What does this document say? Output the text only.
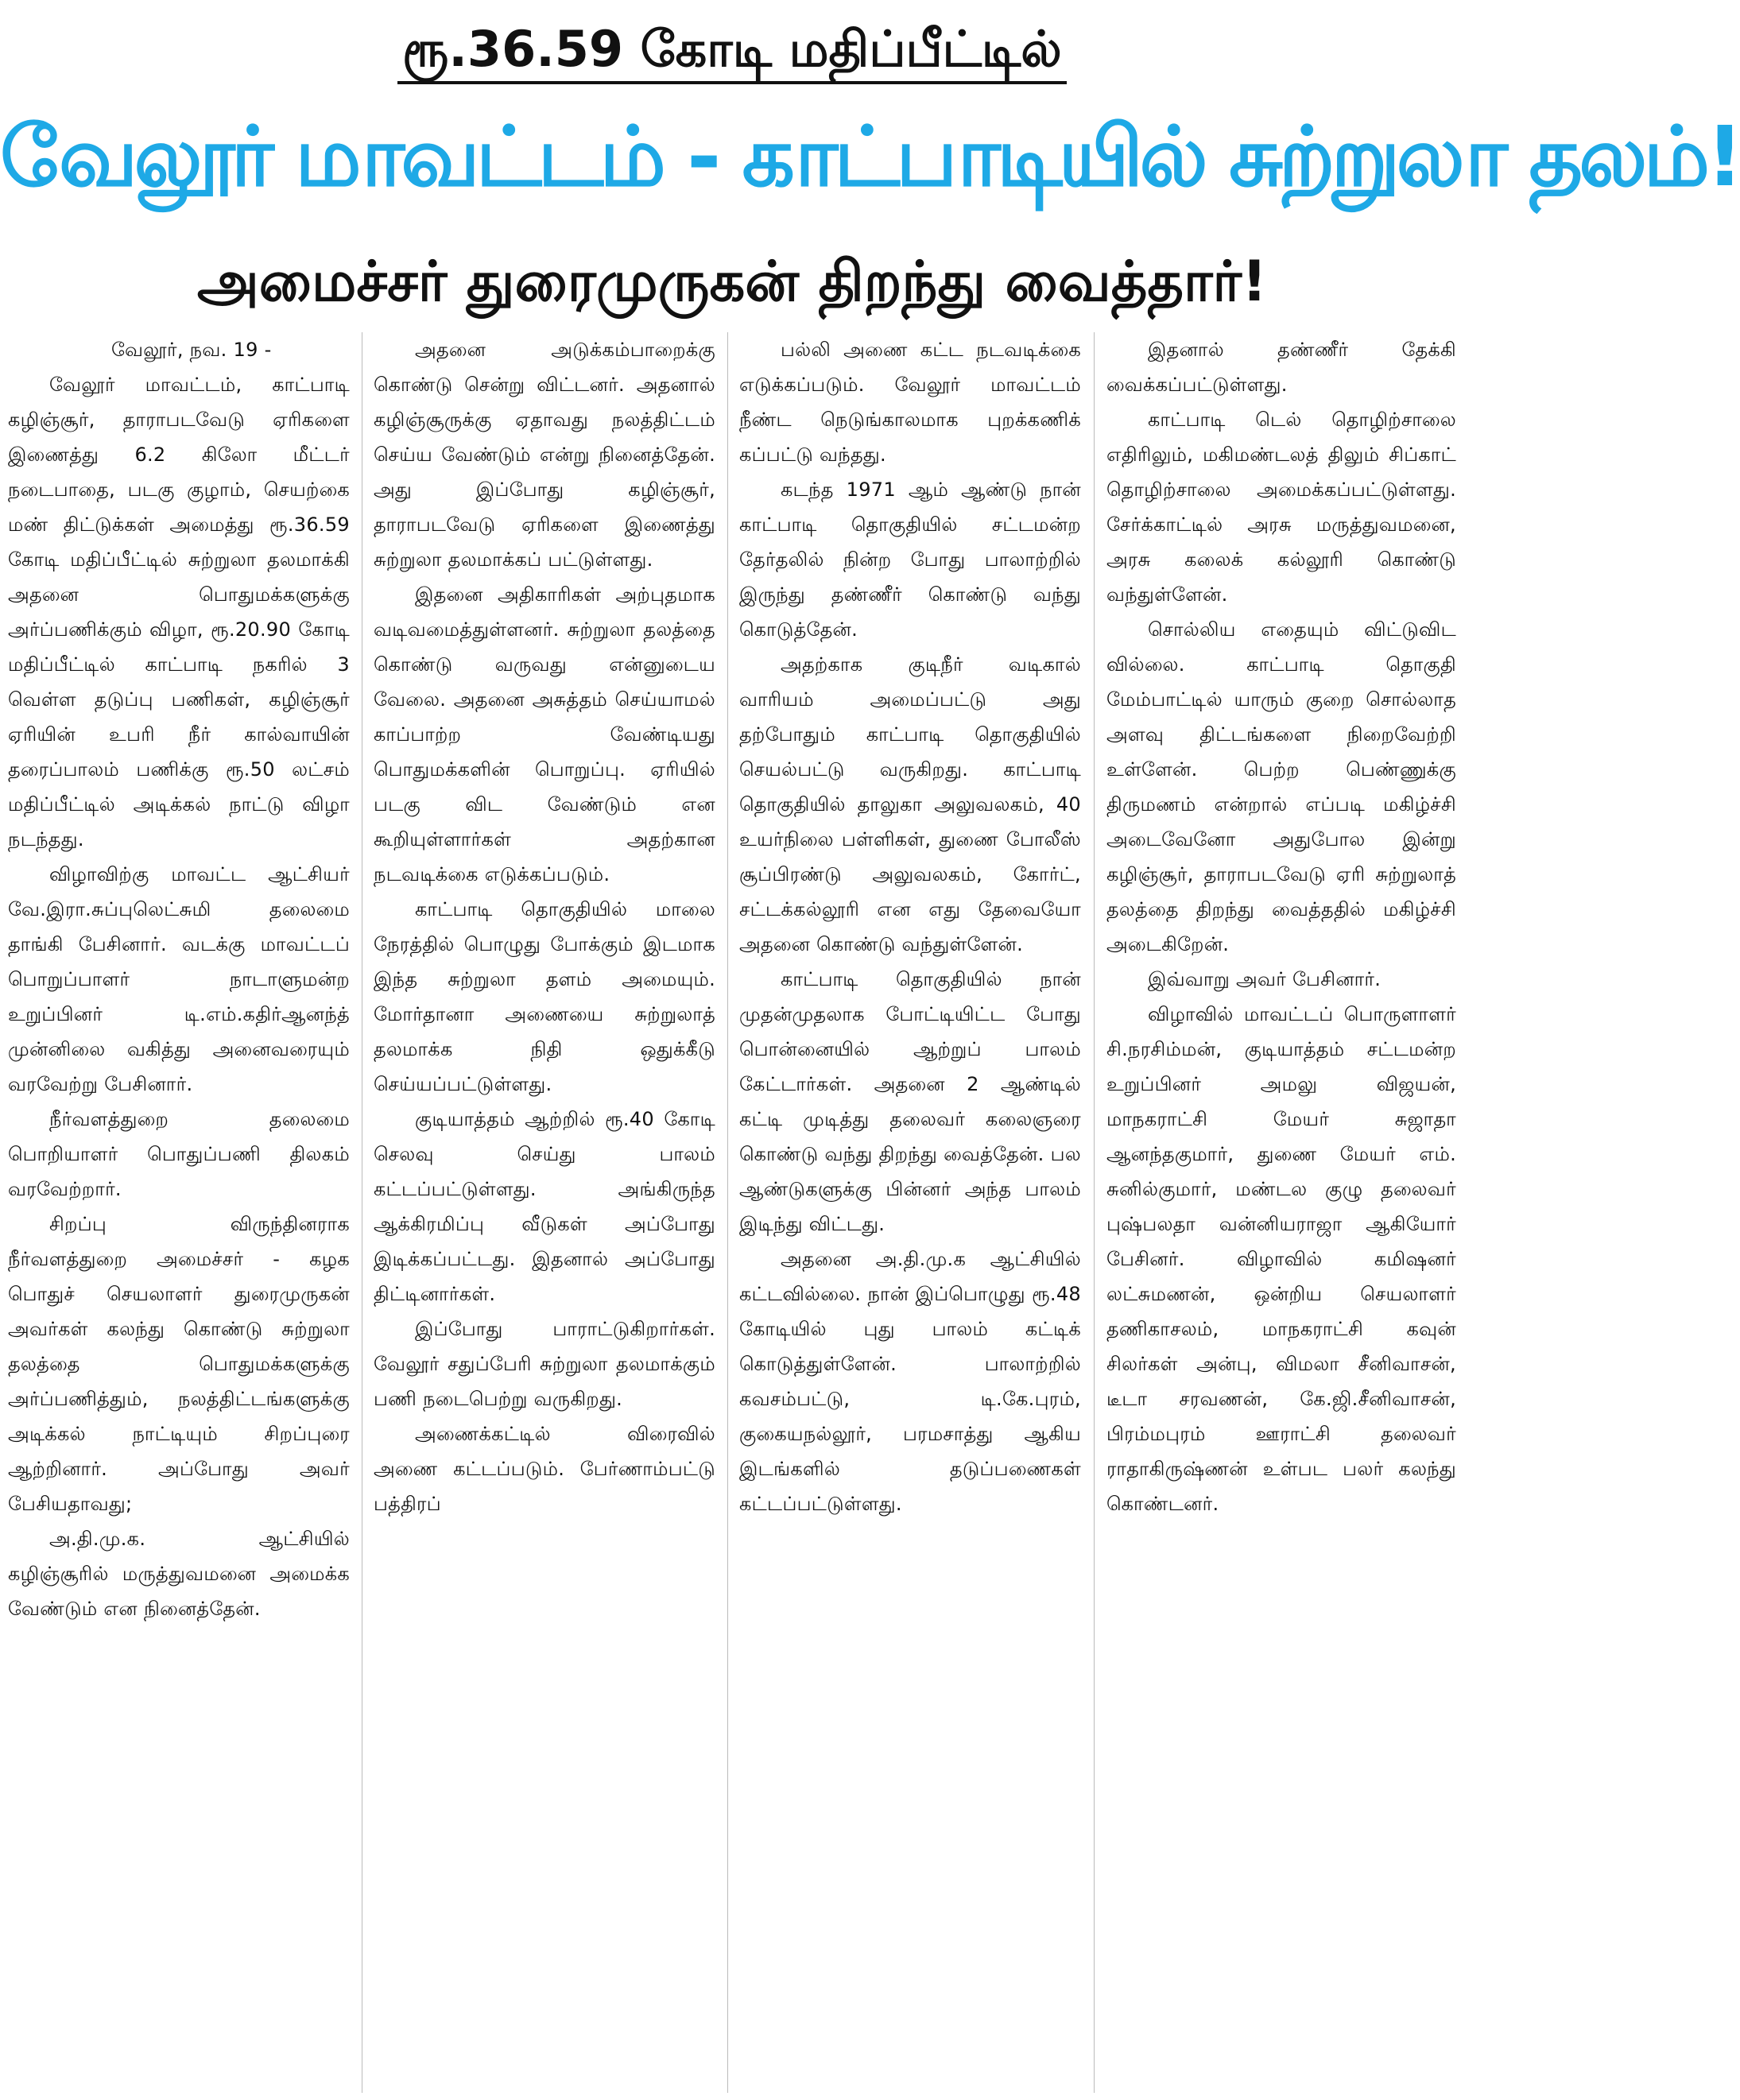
ரூ.36.59 கோடி மதிப்பீட்டில்
வேலூர் மாவட்டம் - காட்பாடியில் சுற்றுலா தலம்!
அமைச்சர் துரைமுருகன் திறந்து வைத்தார்!

வேலூர், நவ. 19 -

வேலூர் மாவட்டம், காட்பாடி கழிஞ்சூர், தாராபடவேடு ஏரிகளை இணைத்து 6.2 கிலோ மீட்டர் நடைபாதை, படகு குழாம், செயற்கை மண் திட்டுக்கள் அமைத்து ரூ.36.59 கோடி மதிப்பீட்டில் சுற்றுலா தலமாக்கி அதனை பொதுமக்களுக்கு அர்ப்பணிக்கும் விழா, ரூ.20.90 கோடி மதிப்பீட்டில் காட்பாடி நகரில் 3 வெள்ள தடுப்பு பணிகள், கழிஞ்சூர் ஏரியின் உபரி நீர் கால்வாயின் தரைப்பாலம் பணிக்கு ரூ.50 லட்சம் மதிப்பீட்டில் அடிக்கல் நாட்டு விழா நடந்தது.

விழாவிற்கு மாவட்ட ஆட்சியர் வே.இரா.சுப்புலெட்சுமி தலைமை தாங்கி பேசினார். வடக்கு மாவட்டப் பொறுப்பாளர் நாடாளுமன்ற உறுப்பினர் டி.எம்.கதிர்ஆனந்த் முன்னிலை வகித்து அனைவரையும் வரவேற்று பேசினார்.

நீர்வளத்துறை தலைமை பொறியாளர் பொதுப்பணி திலகம் வரவேற்றார்.

சிறப்பு விருந்தினராக நீர்வளத்துறை அமைச்சர் - கழக பொதுச் செயலாளர் துரைமுருகன் அவர்கள் கலந்து கொண்டு சுற்றுலா தலத்தை பொதுமக்களுக்கு அர்ப்பணித்தும், நலத்திட்டங்களுக்கு அடிக்கல் நாட்டியும் சிறப்புரை ஆற்றினார். அப்போது அவர் பேசியதாவது;

அ.தி.மு.க. ஆட்சியில் கழிஞ்சூரில் மருத்துவமனை அமைக்க வேண்டும் என நினைத்தேன்.

அதனை அடுக்கம்பாறைக்கு கொண்டு சென்று விட்டனர். அதனால் கழிஞ்சூருக்கு ஏதாவது நலத்திட்டம் செய்ய வேண்டும் என்று நினைத்தேன். அது இப்போது கழிஞ்சூர், தாராபடவேடு ஏரிகளை இணைத்து சுற்றுலா தலமாக்கப் பட்டுள்ளது.

இதனை அதிகாரிகள் அற்புதமாக வடிவமைத்துள்ளனர். சுற்றுலா தலத்தை கொண்டு வருவது என்னுடைய வேலை. அதனை அசுத்தம் செய்யாமல் காப்பாற்ற வேண்டியது பொதுமக்களின் பொறுப்பு. ஏரியில் படகு விட வேண்டும் என கூறியுள்ளார்கள் அதற்கான நடவடிக்கை எடுக்கப்படும்.

காட்பாடி தொகுதியில் மாலை நேரத்தில் பொழுது போக்கும் இடமாக இந்த சுற்றுலா தளம் அமையும். மோர்தானா அணையை சுற்றுலாத் தலமாக்க நிதி ஒதுக்கீடு செய்யப்பட்டுள்ளது.

குடியாத்தம் ஆற்றில் ரூ.40 கோடி செலவு செய்து பாலம் கட்டப்பட்டுள்ளது. அங்கிருந்த ஆக்கிரமிப்பு வீடுகள் அப்போது இடிக்கப்பட்டது. இதனால் அப்போது திட்டினார்கள்.

இப்போது பாராட்டுகிறார்கள். வேலூர் சதுப்பேரி சுற்றுலா தலமாக்கும் பணி நடைபெற்று வருகிறது.

அணைக்கட்டில் விரைவில் அணை கட்டப்படும். பேர்ணாம்பட்டு பத்திரப்

பல்லி அணை கட்ட நடவடிக்கை எடுக்கப்படும். வேலூர் மாவட்டம் நீண்ட நெடுங்காலமாக புறக்கணிக் கப்பட்டு வந்தது.

கடந்த 1971 ஆம் ஆண்டு நான் காட்பாடி தொகுதியில் சட்டமன்ற தேர்தலில் நின்ற போது பாலாற்றில் இருந்து தண்ணீர் கொண்டு வந்து கொடுத்தேன்.

அதற்காக குடிநீர் வடிகால் வாரியம் அமைப்பட்டு அது தற்போதும் காட்பாடி தொகுதியில் செயல்பட்டு வருகிறது. காட்பாடி தொகுதியில் தாலுகா அலுவலகம், 40 உயர்நிலை பள்ளிகள், துணை போலீஸ் சூப்பிரண்டு அலுவலகம், கோர்ட், சட்டக்கல்லூரி என எது தேவையோ அதனை கொண்டு வந்துள்ளேன்.

காட்பாடி தொகுதியில் நான் முதன்முதலாக போட்டியிட்ட போது பொன்னையில் ஆற்றுப் பாலம் கேட்டார்கள். அதனை 2 ஆண்டில் கட்டி முடித்து தலைவர் கலைஞரை கொண்டு வந்து திறந்து வைத்தேன். பல ஆண்டுகளுக்கு பின்னர் அந்த பாலம் இடிந்து விட்டது.

அதனை அ.தி.மு.க ஆட்சியில் கட்டவில்லை. நான் இப்பொழுது ரூ.48 கோடியில் புது பாலம் கட்டிக் கொடுத்துள்ளேன். பாலாற்றில் கவசம்பட்டு, டி.கே.புரம், குகையநல்லூர், பரமசாத்து ஆகிய இடங்களில் தடுப்பணைகள் கட்டப்பட்டுள்ளது.

இதனால் தண்ணீர் தேக்கி வைக்கப்பட்டுள்ளது.

காட்பாடி டெல் தொழிற்சாலை எதிரிலும், மகிமண்டலத் திலும் சிப்காட் தொழிற்சாலை அமைக்கப்பட்டுள்ளது. சேர்க்காட்டில் அரசு மருத்துவமனை, அரசு கலைக் கல்லூரி கொண்டு வந்துள்ளேன்.

சொல்லிய எதையும் விட்டுவிட வில்லை. காட்பாடி தொகுதி மேம்பாட்டில் யாரும் குறை சொல்லாத அளவு திட்டங்களை நிறைவேற்றி உள்ளேன். பெற்ற பெண்ணுக்கு திருமணம் என்றால் எப்படி மகிழ்ச்சி அடைவேனோ அதுபோல இன்று கழிஞ்சூர், தாராபடவேடு ஏரி சுற்றுலாத் தலத்தை திறந்து வைத்ததில் மகிழ்ச்சி அடைகிறேன்.

இவ்வாறு அவர் பேசினார்.

விழாவில் மாவட்டப் பொருளாளர் சி.நரசிம்மன், குடியாத்தம் சட்டமன்ற உறுப்பினர் அமலு விஜயன், மாநகராட்சி மேயர் சுஜாதா ஆனந்தகுமார், துணை மேயர் எம். சுனில்குமார், மண்டல குழு தலைவர் புஷ்பலதா வன்னியராஜா ஆகியோர் பேசினர். விழாவில் கமிஷனர் லட்சுமணன், ஒன்றிய செயலாளர் தணிகாசலம், மாநகராட்சி கவுன் சிலர்கள் அன்பு, விமலா சீனிவாசன், டீடா சரவணன், கே.ஜி.சீனிவாசன், பிரம்மபுரம் ஊராட்சி தலைவர் ராதாகிருஷ்ணன் உள்பட பலர் கலந்து கொண்டனர்.
